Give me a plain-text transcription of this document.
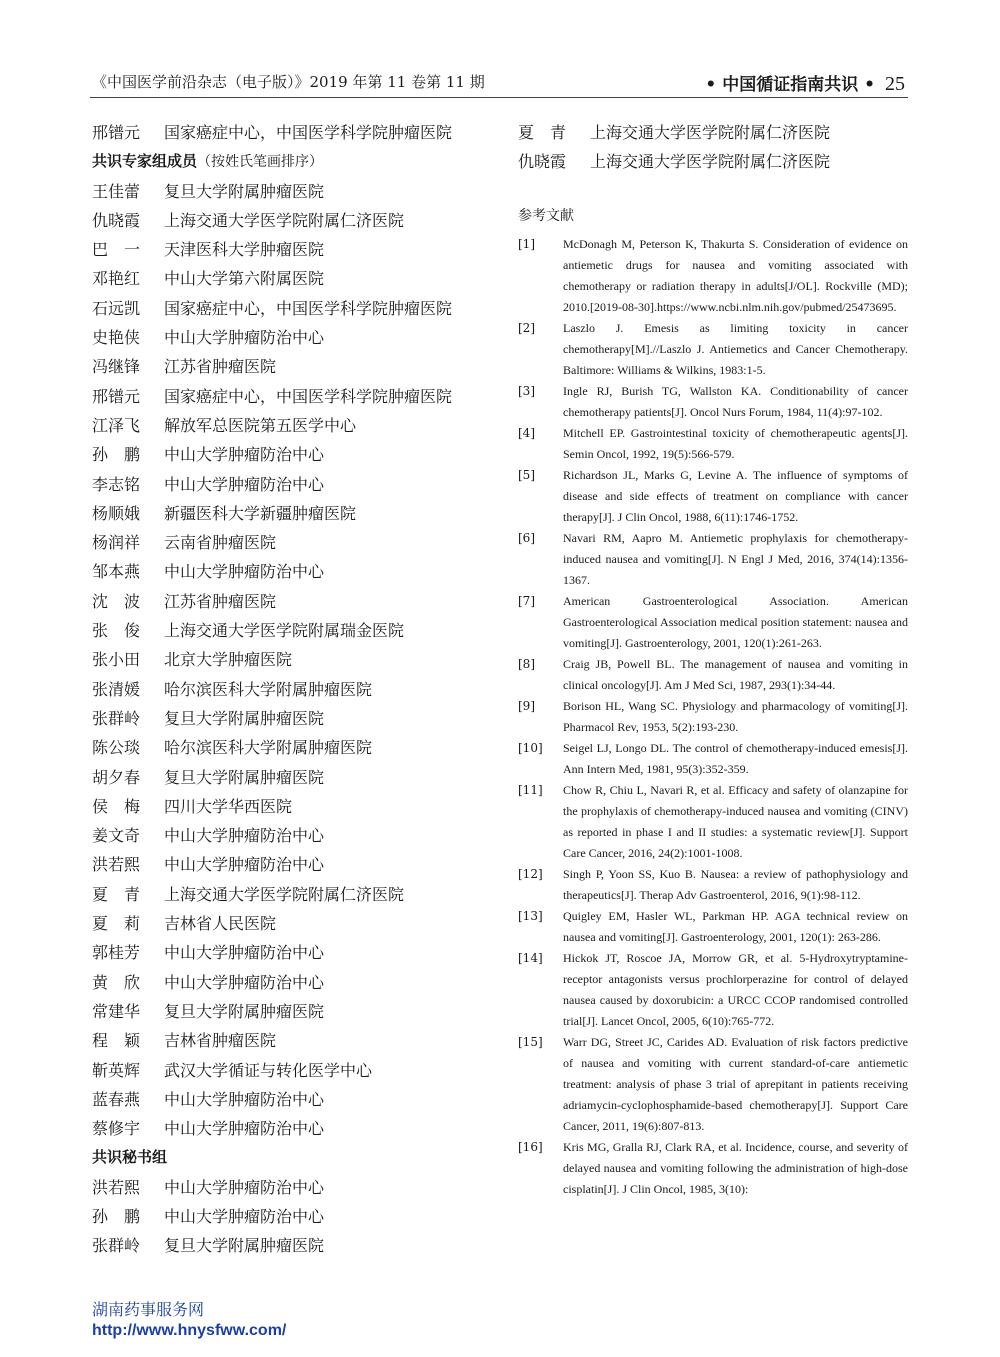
《中国医学前沿杂志（电子版）》2019 年第 11 卷第 11 期	• 中国循证指南共识 • 25
邢镨元 国家癌症中心，中国医学科学院肿瘤医院
共识专家组成员（按姓氏笔画排序）
王佳蕾 复旦大学附属肿瘤医院
仇晓霞 上海交通大学医学院附属仁济医院
巴　一 天津医科大学肿瘤医院
邓艳红 中山大学第六附属医院
石远凯 国家癌症中心，中国医学科学院肿瘤医院
史艳侠 中山大学肿瘤防治中心
冯继锋 江苏省肿瘤医院
邢镨元 国家癌症中心，中国医学科学院肿瘤医院
江泽飞 解放军总医院第五医学中心
孙　鹏 中山大学肿瘤防治中心
李志铭 中山大学肿瘤防治中心
杨顺娥 新疆医科大学新疆肿瘤医院
杨润祥 云南省肿瘤医院
邹本燕 中山大学肿瘤防治中心
沈　波 江苏省肿瘤医院
张　俊 上海交通大学医学院附属瑞金医院
张小田 北京大学肿瘤医院
张清媛 哈尔滨医科大学附属肿瘤医院
张群岭 复旦大学附属肿瘤医院
陈公琰 哈尔滨医科大学附属肿瘤医院
胡夕春 复旦大学附属肿瘤医院
侯　梅 四川大学华西医院
姜文奇 中山大学肿瘤防治中心
洪若熙 中山大学肿瘤防治中心
夏　青 上海交通大学医学院附属仁济医院
夏　莉 吉林省人民医院
郭桂芳 中山大学肿瘤防治中心
黄　欣 中山大学肿瘤防治中心
常建华 复旦大学附属肿瘤医院
程　颖 吉林省肿瘤医院
靳英辉 武汉大学循证与转化医学中心
蓝春燕 中山大学肿瘤防治中心
蔡修宇 中山大学肿瘤防治中心
共识秘书组
洪若熙 中山大学肿瘤防治中心
孙　鹏 中山大学肿瘤防治中心
张群岭 复旦大学附属肿瘤医院
夏　青 上海交通大学医学院附属仁济医院
仇晓霞 上海交通大学医学院附属仁济医院
参考文献
[1]	McDonagh M, Peterson K, Thakurta S. Consideration of evidence on antiemetic drugs for nausea and vomiting associated with chemotherapy or radiation therapy in adults[J/OL]. Rockville (MD); 2010.[2019-08-30].https://www.ncbi.nlm.nih.gov/pubmed/25473695.
[2]	Laszlo J. Emesis as limiting toxicity in cancer chemotherapy[M].//Laszlo J. Antiemetics and Cancer Chemotherapy. Baltimore: Williams & Wilkins, 1983:1-5.
[3]	Ingle RJ, Burish TG, Wallston KA. Conditionability of cancer chemotherapy patients[J]. Oncol Nurs Forum, 1984, 11(4):97-102.
[4]	Mitchell EP. Gastrointestinal toxicity of chemotherapeutic agents[J]. Semin Oncol, 1992, 19(5):566-579.
[5]	Richardson JL, Marks G, Levine A. The influence of symptoms of disease and side effects of treatment on compliance with cancer therapy[J]. J Clin Oncol, 1988, 6(11):1746-1752.
[6]	Navari RM, Aapro M. Antiemetic prophylaxis for chemotherapy-induced nausea and vomiting[J]. N Engl J Med, 2016, 374(14):1356-1367.
[7]	American Gastroenterological Association. American Gastroenterological Association medical position statement: nausea and vomiting[J]. Gastroenterology, 2001, 120(1):261-263.
[8]	Craig JB, Powell BL. The management of nausea and vomiting in clinical oncology[J]. Am J Med Sci, 1987, 293(1):34-44.
[9]	Borison HL, Wang SC. Physiology and pharmacology of vomiting[J]. Pharmacol Rev, 1953, 5(2):193-230.
[10]	Seigel LJ, Longo DL. The control of chemotherapy-induced emesis[J]. Ann Intern Med, 1981, 95(3):352-359.
[11]	Chow R, Chiu L, Navari R, et al. Efficacy and safety of olanzapine for the prophylaxis of chemotherapy-induced nausea and vomiting (CINV) as reported in phase I and II studies: a systematic review[J]. Support Care Cancer, 2016, 24(2):1001-1008.
[12]	Singh P, Yoon SS, Kuo B. Nausea: a review of pathophysiology and therapeutics[J]. Therap Adv Gastroenterol, 2016, 9(1):98-112.
[13]	Quigley EM, Hasler WL, Parkman HP. AGA technical review on nausea and vomiting[J]. Gastroenterology, 2001, 120(1): 263-286.
[14]	Hickok JT, Roscoe JA, Morrow GR, et al. 5-Hydroxytryptamine-receptor antagonists versus prochlorperazine for control of delayed nausea caused by doxorubicin: a URCC CCOP randomised controlled trial[J]. Lancet Oncol, 2005, 6(10):765-772.
[15]	Warr DG, Street JC, Carides AD. Evaluation of risk factors predictive of nausea and vomiting with current standard-of-care antiemetic treatment: analysis of phase 3 trial of aprepitant in patients receiving adriamycin-cyclophosphamide-based chemotherapy[J]. Support Care Cancer, 2011, 19(6):807-813.
[16]	Kris MG, Gralla RJ, Clark RA, et al. Incidence, course, and severity of delayed nausea and vomiting following the administration of high-dose cisplatin[J]. J Clin Oncol, 1985, 3(10):
湖南药事服务网
http://www.hnysfww.com/
